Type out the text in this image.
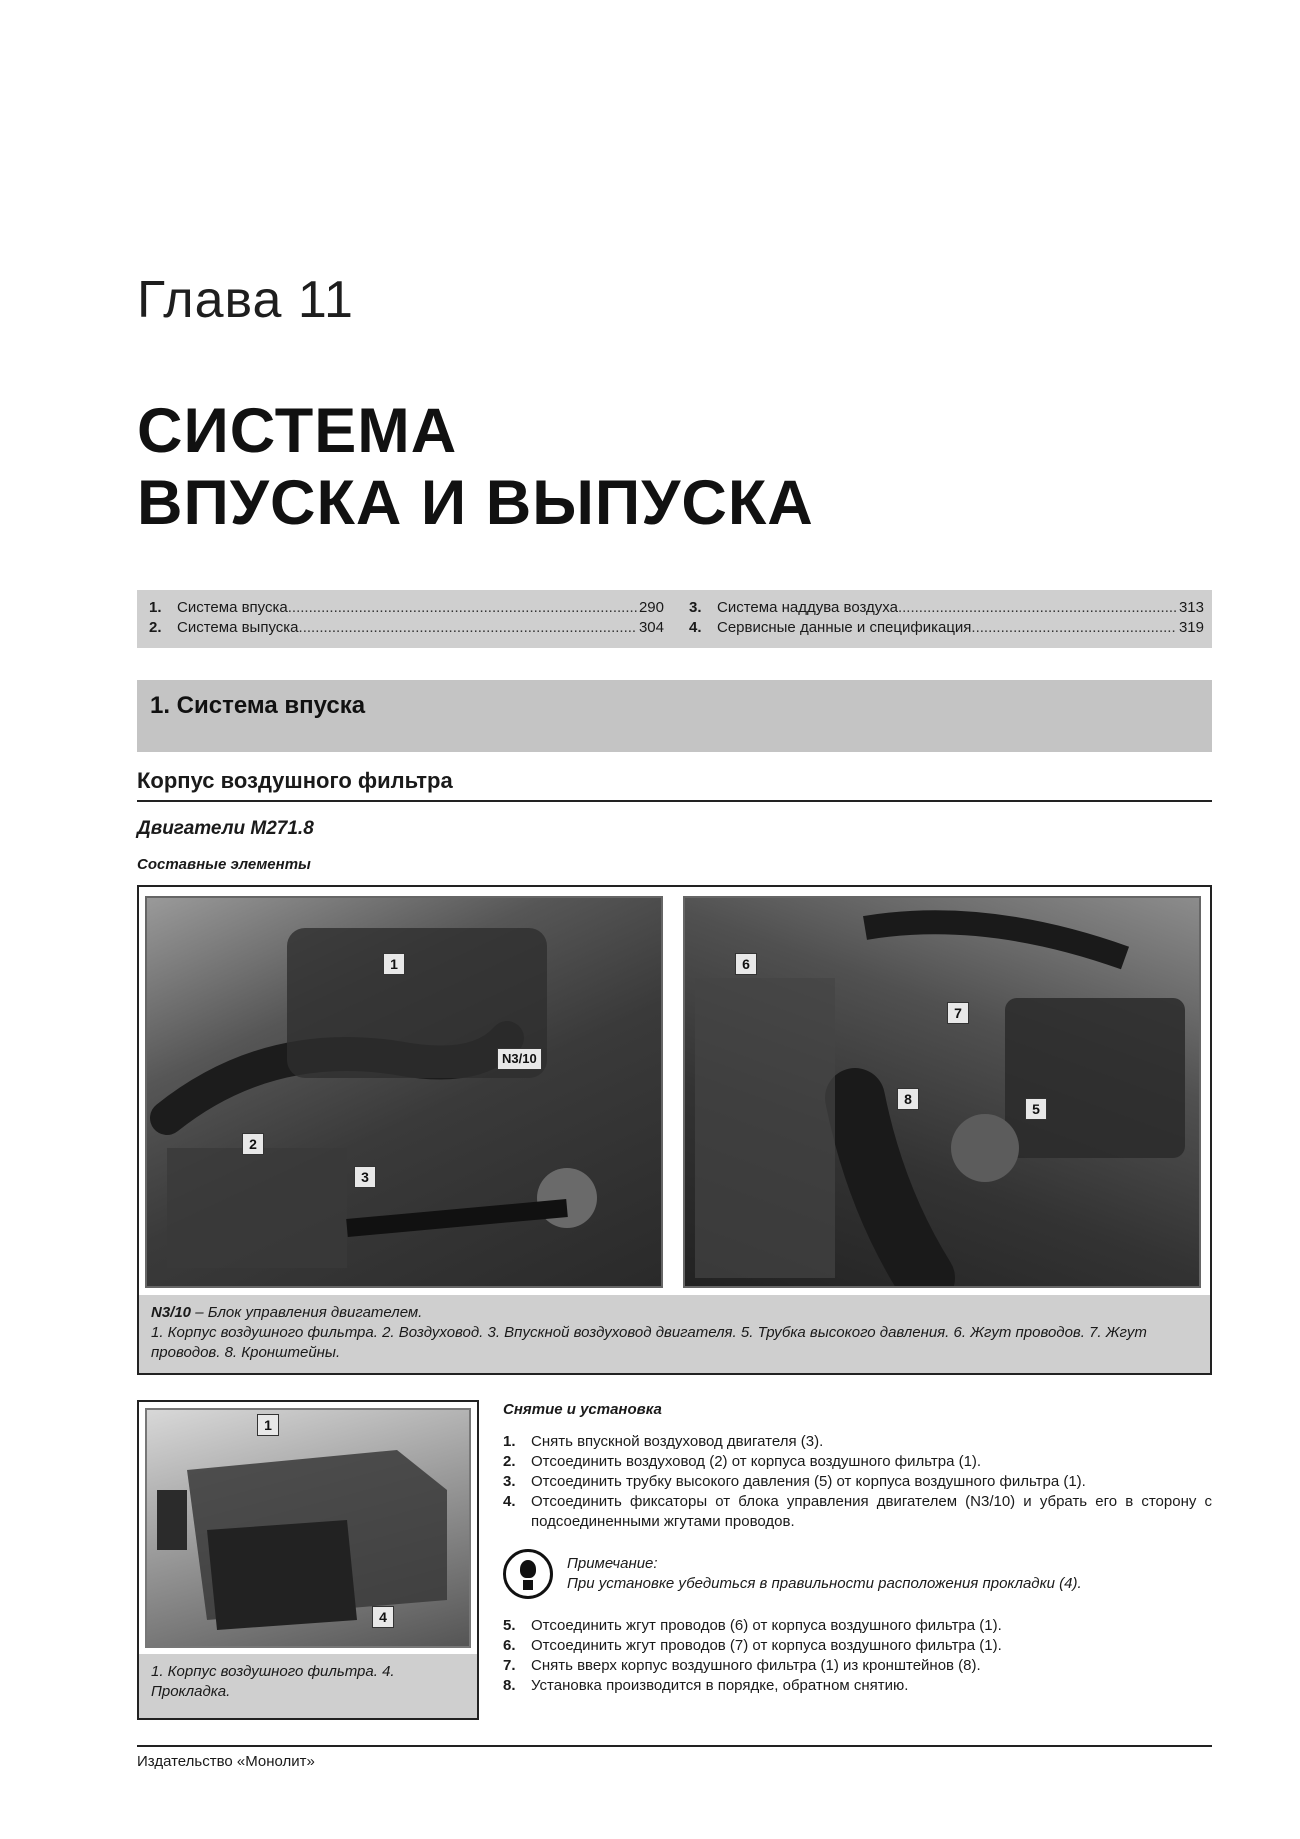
Глава 11
СИСТЕМА
ВПУСКА И ВЫПУСКА
1.	Система впуска .....	290
2.	Система выпуска .....	304
3.	Система наддува воздуха .....	313
4.	Сервисные данные и спецификация .....	319
1. Система впуска
Корпус воздушного фильтра
Двигатели M271.8
Составные элементы
1
2
3
N3/10
6
7
8
5
N3/10 – Блок управления двигателем.
1. Корпус воздушного фильтра. 2. Воздуховод. 3. Впускной воздуховод двигателя. 5. Трубка высокого давления. 6. Жгут проводов. 7. Жгут проводов. 8. Кронштейны.
1
4
1. Корпус воздушного фильтра. 4. Прокладка.
Снятие и установка
1.	Снять впускной воздуховод двигателя (3).
2.	Отсоединить воздуховод (2) от корпуса воздушного фильтра (1).
3.	Отсоединить трубку высокого давления (5) от корпуса воздушного фильтра (1).
4.	Отсоединить фиксаторы от блока управления двигателем (N3/10) и убрать его в сторону с подсоединенными жгутами проводов.
Примечание:
При установке убедиться в правильности расположения прокладки (4).
5.	Отсоединить жгут проводов (6) от корпуса воздушного фильтра (1).
6.	Отсоединить жгут проводов (7) от корпуса воздушного фильтра (1).
7.	Снять вверх корпус воздушного фильтра (1) из кронштейнов (8).
8.	Установка производится в порядке, обратном снятию.
Издательство «Монолит»
